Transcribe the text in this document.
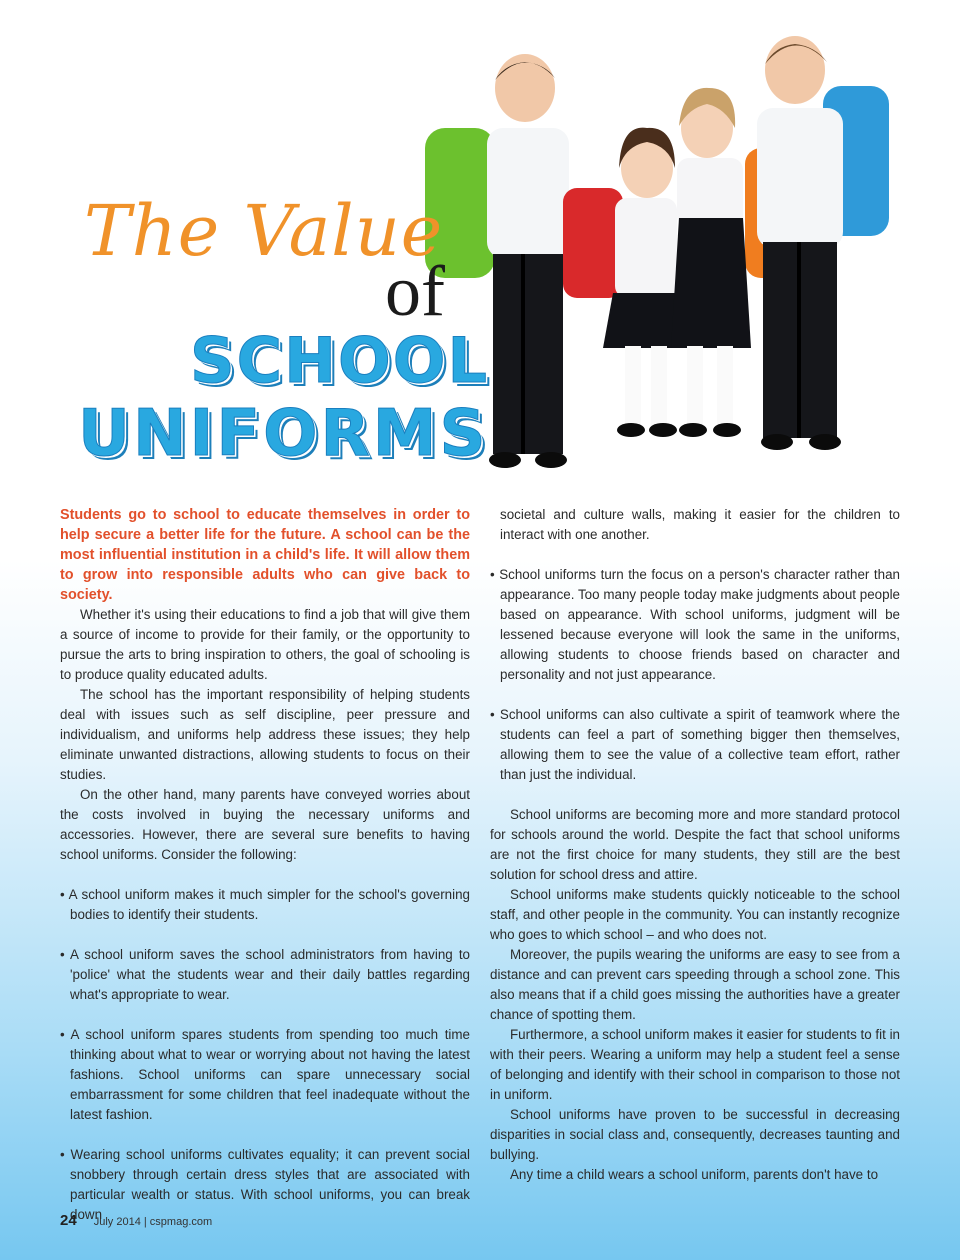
The Value
of
SCHOOL
UNIFORMS

Students go to school to educate themselves in order to help secure a better life for the future. A school can be the most influential institution in a child's life. It will allow them to grow into responsible adults who can give back to society.

Whether it's using their educations to find a job that will give them a source of income to provide for their family, or the opportunity to pursue the arts to bring inspiration to others, the goal of schooling is to produce quality educated adults.

The school has the important responsibility of helping students deal with issues such as self discipline, peer pressure and individualism, and uniforms help address these issues; they help eliminate unwanted distractions, allowing students to focus on their studies.

On the other hand, many parents have conveyed worries about the costs involved in buying the necessary uniforms and accessories. However, there are several sure benefits to having school uniforms. Consider the following:

• A school uniform makes it much simpler for the school's governing bodies to identify their students.

• A school uniform saves the school administrators from having to 'police' what the students wear and their daily battles regarding what's appropriate to wear.

• A school uniform spares students from spending too much time thinking about what to wear or worrying about not having the latest fashions. School uniforms can spare unnecessary social embarrassment for some children that feel inadequate without the latest fashion.

• Wearing school uniforms cultivates equality; it can prevent social snobbery through certain dress styles that are associated with particular wealth or status. With school uniforms, you can break down

societal and culture walls, making it easier for the children to interact with one another.

• School uniforms turn the focus on a person's character rather than appearance. Too many people today make judgments about people based on appearance. With school uniforms, judgment will be lessened because everyone will look the same in the uniforms, allowing students to choose friends based on character and personality and not just appearance.

• School uniforms can also cultivate a spirit of teamwork where the students can feel a part of something bigger then themselves, allowing them to see the value of a collective team effort, rather than just the individual.

School uniforms are becoming more and more standard protocol for schools around the world. Despite the fact that school uniforms are not the first choice for many students, they still are the best solution for school dress and attire.

School uniforms make students quickly noticeable to the school staff, and other people in the community. You can instantly recognize who goes to which school – and who does not.

Moreover, the pupils wearing the uniforms are easy to see from a distance and can prevent cars speeding through a school zone. This also means that if a child goes missing the authorities have a greater chance of spotting them.

Furthermore, a school uniform makes it easier for students to fit in with their peers. Wearing a uniform may help a student feel a sense of belonging and identify with their school in comparison to those not in uniform.

School uniforms have proven to be successful in decreasing disparities in social class and, consequently, decreases taunting and bullying.

Any time a child wears a school uniform, parents don't have to

24 July 2014 | cspmag.com
